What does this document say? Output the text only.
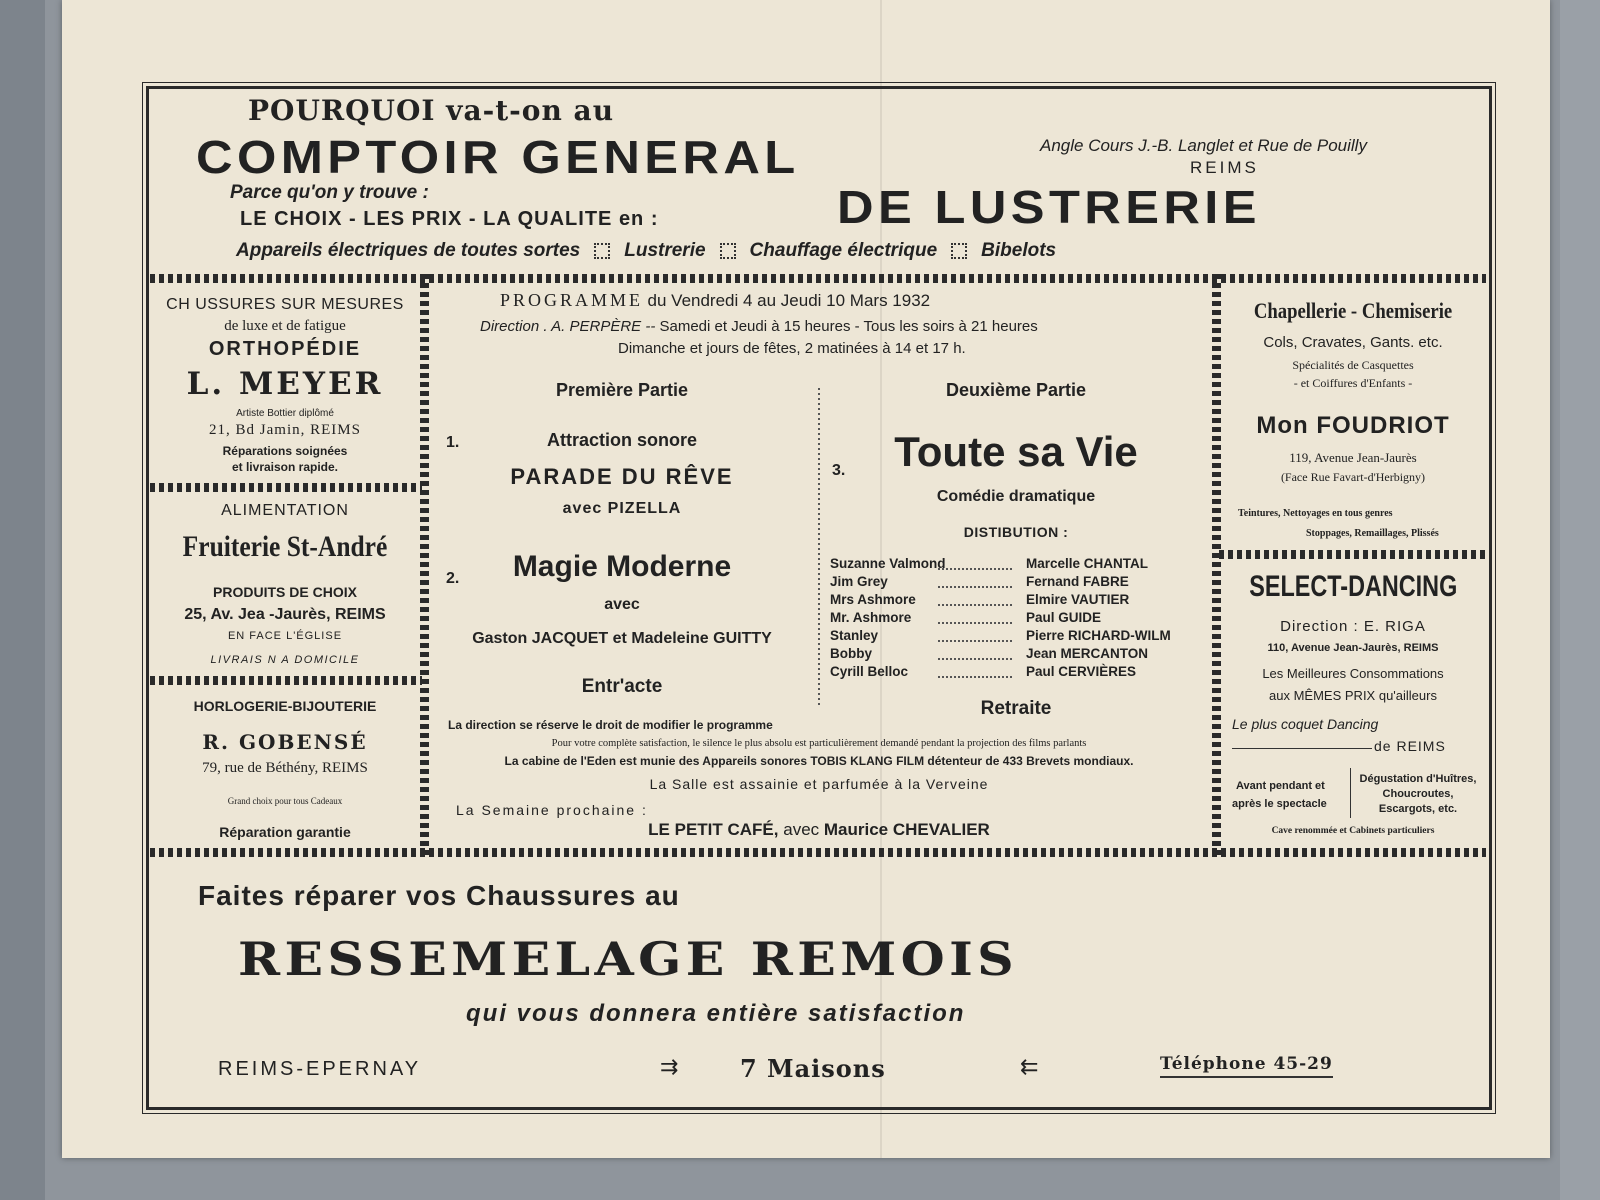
POURQUOI va-t-on au
COMPTOIR GENERAL	Angle Cours J.-B. Langlet et Rue de Pouilly
REIMS
Parce qu'on y trouve :	DE LUSTRERIE
LE CHOIX - LES PRIX - LA QUALITE en :
Appareils électriques de toutes sortes Lustrerie Chauffage électrique Bibelots
CH USSURES SUR MESURES
de luxe et de fatigue
ORTHOPÉDIE
L. MEYER
Artiste Bottier diplômé
21, Bd Jamin, REIMS
Réparations soignées
et livraison rapide.
ALIMENTATION
Fruiterie St-André
PRODUITS DE CHOIX
25, Av. Jea -Jaurès, REIMS
EN FACE L'ÉGLISE
LIVRAIS N A DOMICILE
HORLOGERIE-BIJOUTERIE
R. GOBENSÉ
79, rue de Béthény, REIMS
Grand choix pour tous Cadeaux
Réparation garantie
PROGRAMME du Vendredi 4 au Jeudi 10 Mars 1932
Direction . A. PERPÈRE -- Samedi et Jeudi à 15 heures - Tous les soirs à 21 heures
Dimanche et jours de fêtes, 2 matinées à 14 et 17 h.
Première Partie
1.	Attraction sonore
PARADE DU RÊVE
avec PIZELLA
2.	Magie Moderne
avec
Gaston JACQUET et Madeleine GUITTY
Entr'acte
La direction se réserve le droit de modifier le programme
Deuxième Partie
3.	Toute sa Vie
Comédie dramatique
DISTIBUTION :
Suzanne Valmond	Marcelle CHANTAL
Jim Grey	Fernand FABRE
Mrs Ashmore	Elmire VAUTIER
Mr. Ashmore	Paul GUIDE
Stanley	Pierre RICHARD-WILM
Bobby	Jean MERCANTON
Cyrill Belloc	Paul CERVIÈRES
Retraite
Pour votre complète satisfaction, le silence le plus absolu est particulièrement demandé pendant la projection des films parlants
La cabine de l'Eden est munie des Appareils sonores TOBIS KLANG FILM détenteur de 433 Brevets mondiaux.
La Salle est assainie et parfumée à la Verveine
La Semaine prochaine :
LE PETIT CAFÉ, avec Maurice CHEVALIER
Chapellerie - Chemiserie
Cols, Cravates, Gants. etc.
Spécialités de Casquettes
- et Coiffures d'Enfants -
Mon FOUDRIOT
119, Avenue Jean-Jaurès
(Face Rue Favart-d'Herbigny)
Teintures, Nettoyages en tous genres
Stoppages, Remaillages, Plissés
SELECT-DANCING
Direction : E. RIGA
110, Avenue Jean-Jaurès, REIMS
Les Meilleures Consommations
aux MÊMES PRIX qu'ailleurs
Le plus coquet Dancing
de REIMS
Avant pendant et
après le spectacle
Dégustation d'Huîtres,
Choucroutes,
Escargots, etc.
Cave renommée et Cabinets particuliers
Faites réparer vos Chaussures au
RESSEMELAGE REMOIS
qui vous donnera entière satisfaction
REIMS-EPERNAY	⇉	7 Maisons	⇇	Téléphone 45-29
